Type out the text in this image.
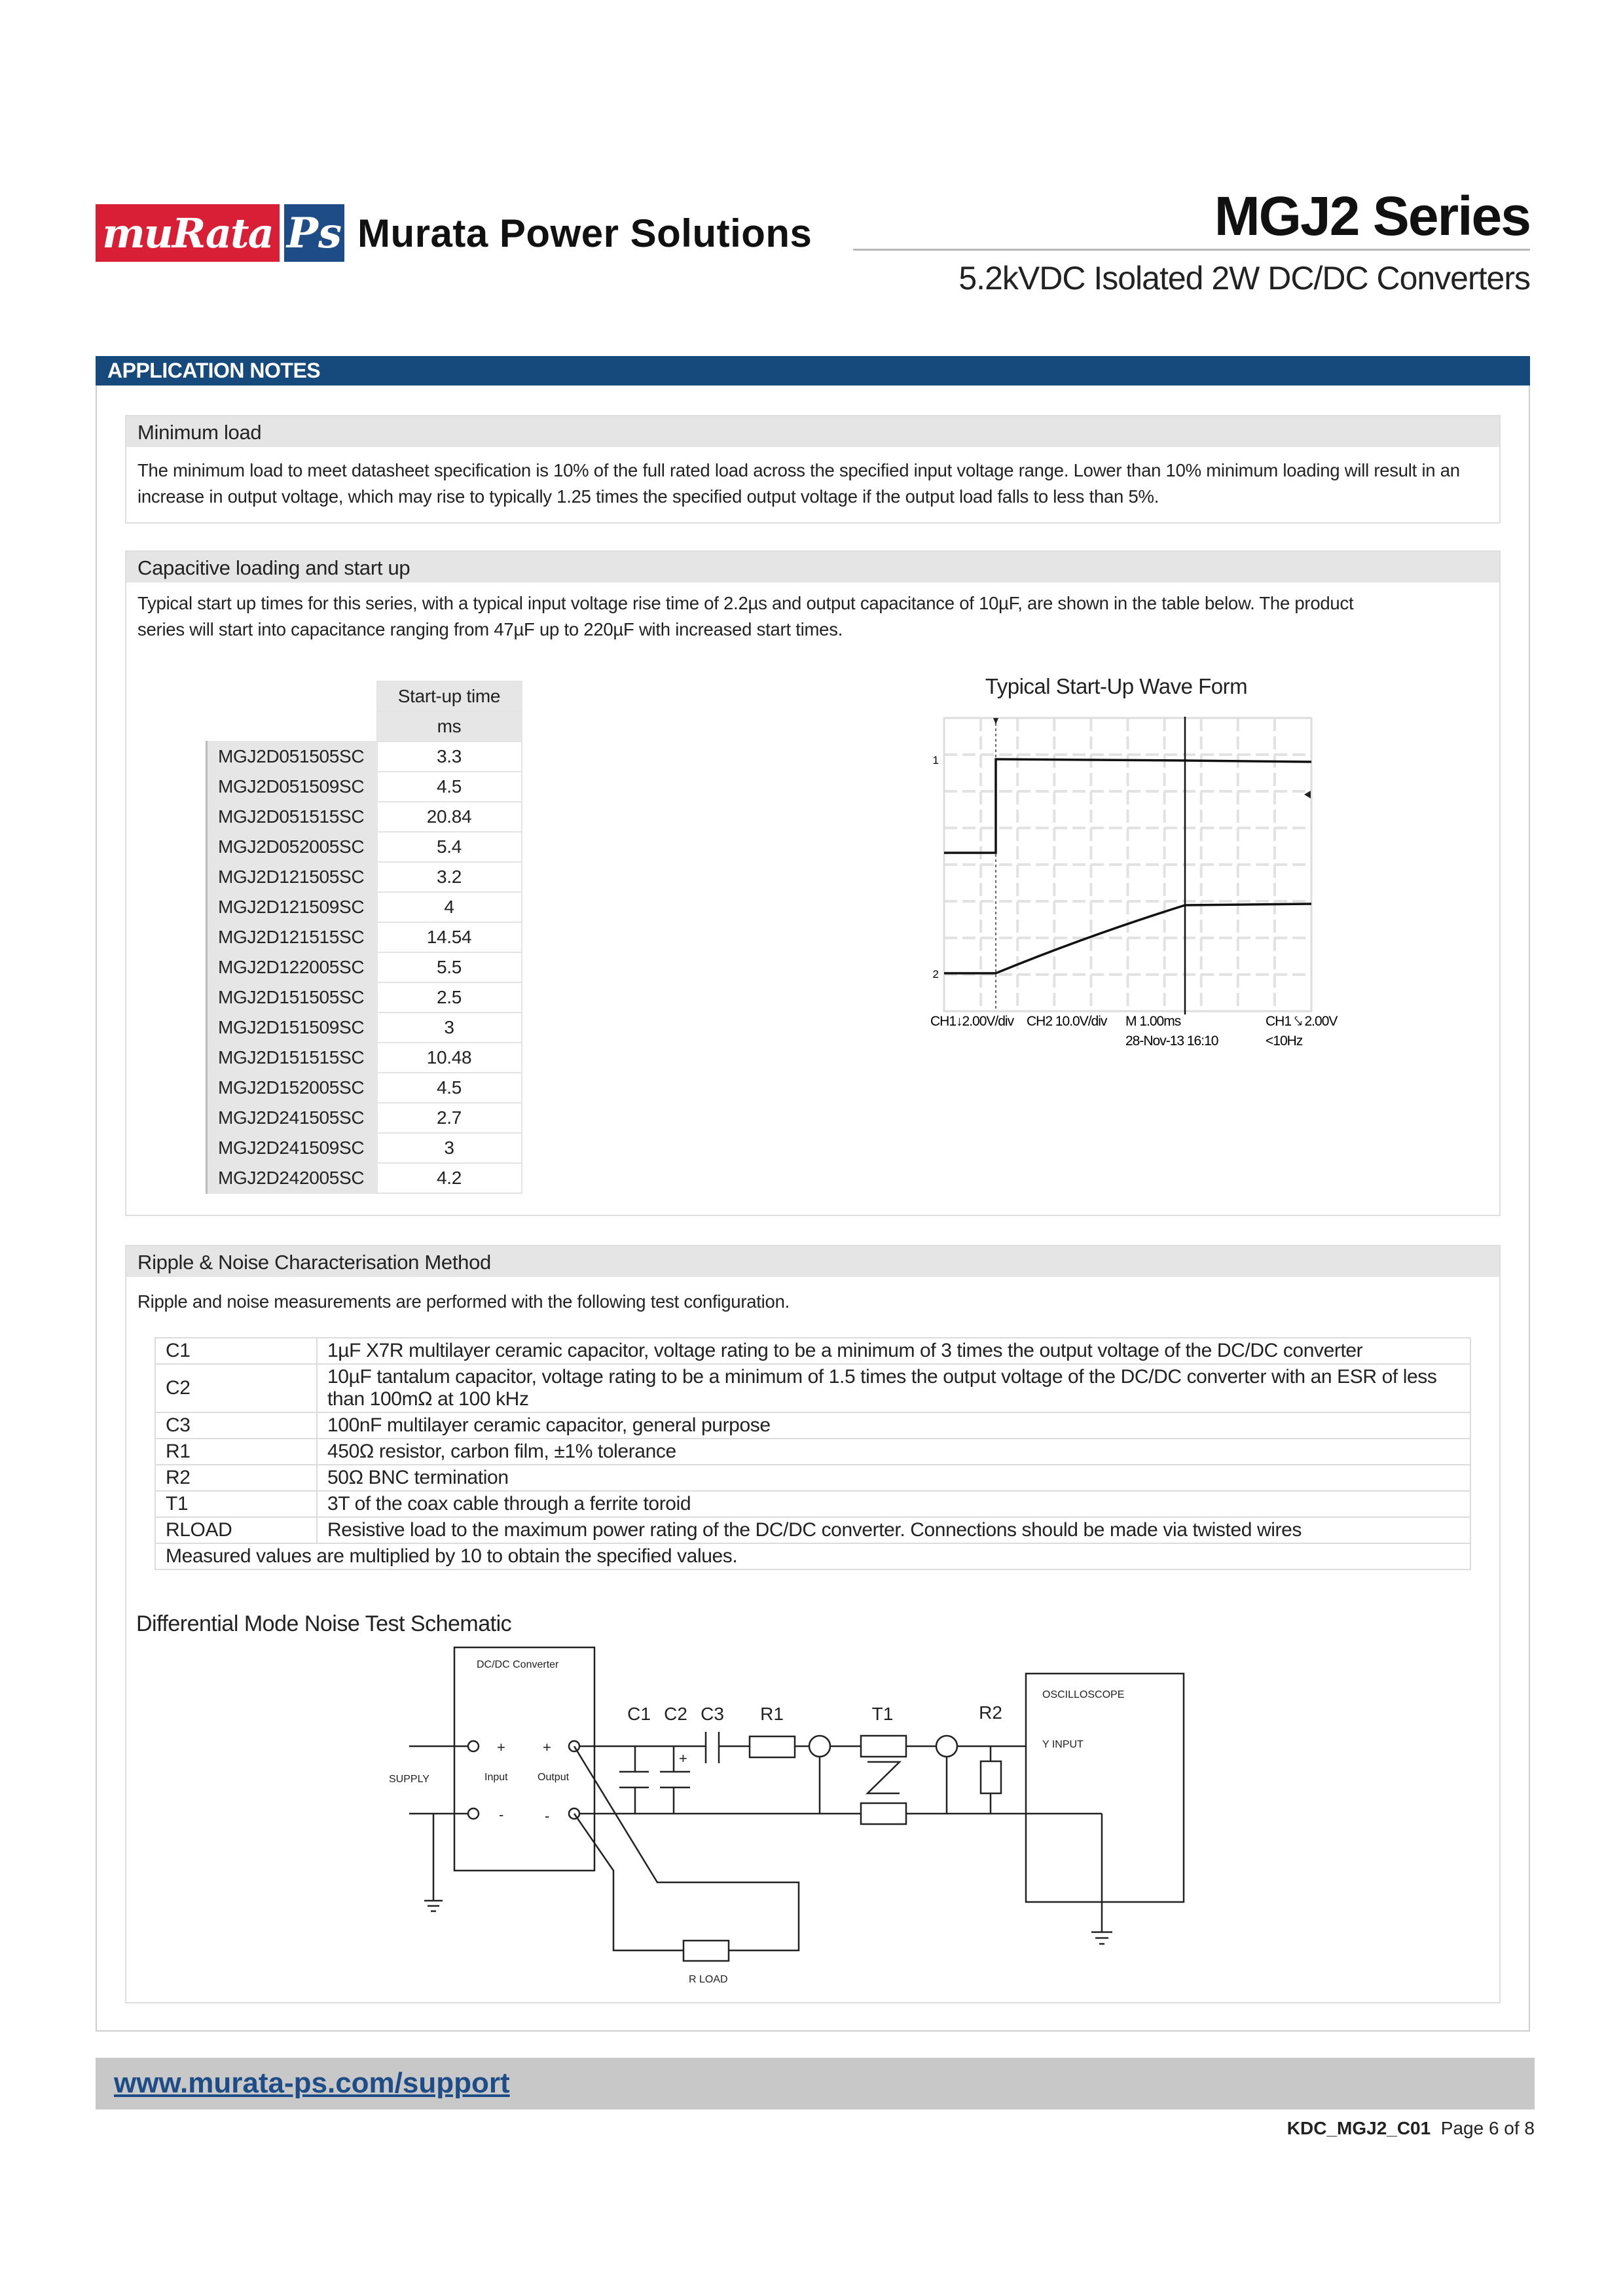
muRata Ps Murata Power Solutions	MGJ2 Series
5.2kVDC Isolated 2W DC/DC Converters
APPLICATION NOTES
Minimum load
The minimum load to meet datasheet specification is 10% of the full rated load across the specified input voltage range. Lower than 10% minimum loading will result in an increase in output voltage, which may rise to typically 1.25 times the specified output voltage if the output load falls to less than 5%.
Capacitive loading and start up
Typical start up times for this series, with a typical input voltage rise time of 2.2µs and output capacitance of 10µF, are shown in the table below. The product
series will start into capacitance ranging from 47µF up to 220µF with increased start times.
	Start-up time
	ms
MGJ2D051505SC	3.3
MGJ2D051509SC	4.5
MGJ2D051515SC	20.84
MGJ2D052005SC	5.4
MGJ2D121505SC	3.2
MGJ2D121509SC	4
MGJ2D121515SC	14.54
MGJ2D122005SC	5.5
MGJ2D151505SC	2.5
MGJ2D151509SC	3
MGJ2D151515SC	10.48
MGJ2D152005SC	4.5
MGJ2D241505SC	2.7
MGJ2D241509SC	3
MGJ2D242005SC	4.2
Typical Start-Up Wave Form
1
2
CH1↓2.00V/div CH2 10.0V/div M 1.00ms	CH1 ⤥ 2.00V
28-Nov-13 16:10	<10Hz
Ripple & Noise Characterisation Method
Ripple and noise measurements are performed with the following test configuration.
C1	1µF X7R multilayer ceramic capacitor, voltage rating to be a minimum of 3 times the output voltage of the DC/DC converter
C2	10µF tantalum capacitor, voltage rating to be a minimum of 1.5 times the output voltage of the DC/DC converter with an ESR of less than 100mΩ at 100 kHz
C3	100nF multilayer ceramic capacitor, general purpose
R1	450Ω resistor, carbon film, ±1% tolerance
R2	50Ω BNC termination
T1	3T of the coax cable through a ferrite toroid
RLOAD	Resistive load to the maximum power rating of the DC/DC converter. Connections should be made via twisted wires
Measured values are multiplied by 10 to obtain the specified values.	
Differential Mode Noise Test Schematic
DC/DC Converter
SUPPLY	Input	Output
OSCILLOSCOPE
Y INPUT
R LOAD
+	+
-	-
+
C1 C2 C3 R1	T1	R2
www.murata-ps.com/support
KDC_MGJ2_C01 Page 6 of 8
